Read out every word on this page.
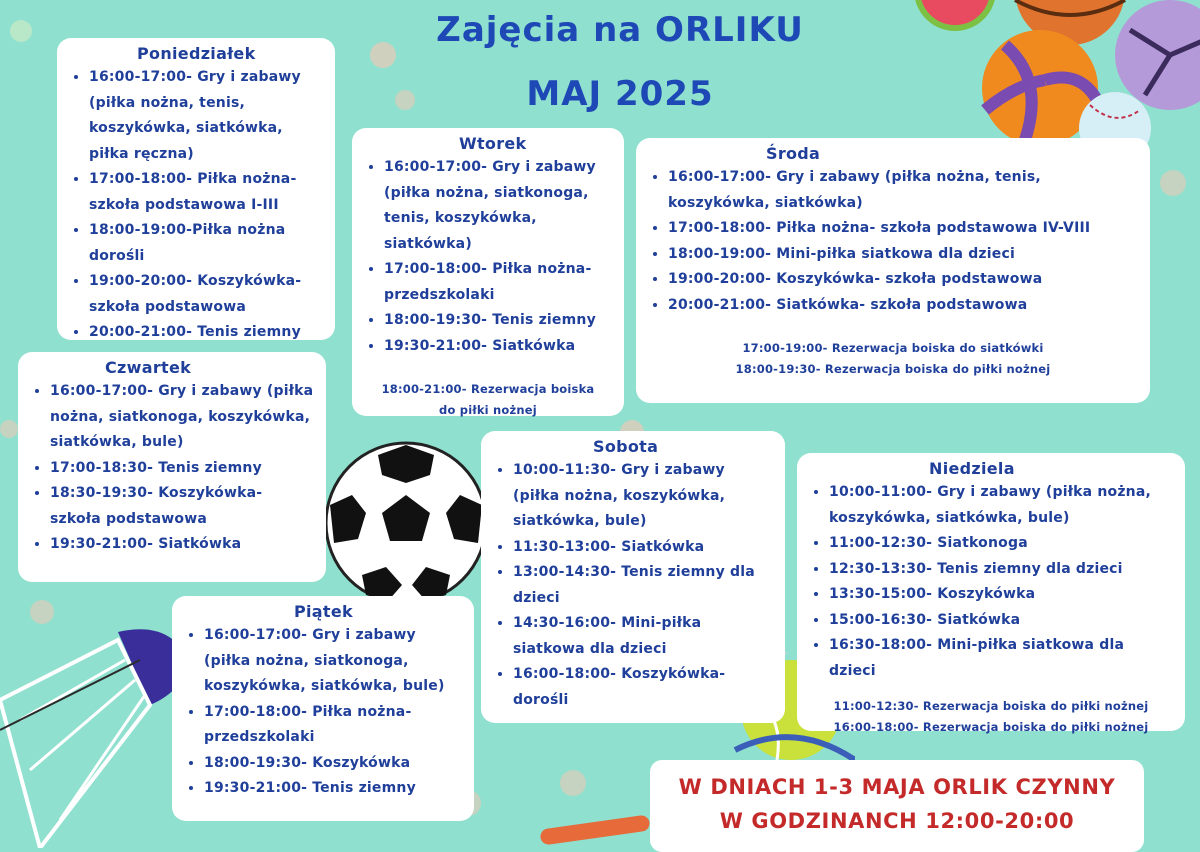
Zajęcia na ORLIKU
MAJ 2025
Poniedziałek
• 16:00-17:00- Gry i zabawy (piłka nożna, tenis, koszykówka, siatkówka, piłka ręczna)
• 17:00-18:00- Piłka nożna- szkoła podstawowa I-III
• 18:00-19:00-Piłka nożna dorośli
• 19:00-20:00- Koszykówka- szkoła podstawowa
• 20:00-21:00- Tenis ziemny
Wtorek
• 16:00-17:00- Gry i zabawy (piłka nożna, siatkonoga, tenis, koszykówka, siatkówka)
• 17:00-18:00- Piłka nożna- przedszkolaki
• 18:00-19:30- Tenis ziemny
• 19:30-21:00- Siatkówka
18:00-21:00- Rezerwacja boiska
do piłki nożnej
Środa
• 16:00-17:00- Gry i zabawy (piłka nożna, tenis, koszykówka, siatkówka)
• 17:00-18:00- Piłka nożna- szkoła podstawowa IV-VIII
• 18:00-19:00- Mini-piłka siatkowa dla dzieci
• 19:00-20:00- Koszykówka- szkoła podstawowa
• 20:00-21:00- Siatkówka- szkoła podstawowa
17:00-19:00- Rezerwacja boiska do siatkówki
18:00-19:30- Rezerwacja boiska do piłki nożnej
Czwartek
• 16:00-17:00- Gry i zabawy (piłka nożna, siatkonoga, koszykówka, siatkówka, bule)
• 17:00-18:30- Tenis ziemny
• 18:30-19:30- Koszykówka- szkoła podstawowa
• 19:30-21:00- Siatkówka
Sobota
• 10:00-11:30- Gry i zabawy (piłka nożna, koszykówka, siatkówka, bule)
• 11:30-13:00- Siatkówka
• 13:00-14:30- Tenis ziemny dla dzieci
• 14:30-16:00- Mini-piłka siatkowa dla dzieci
• 16:00-18:00- Koszykówka- dorośli
Niedziela
• 10:00-11:00- Gry i zabawy (piłka nożna, koszykówka, siatkówka, bule)
• 11:00-12:30- Siatkonoga
• 12:30-13:30- Tenis ziemny dla dzieci
• 13:30-15:00- Koszykówka
• 15:00-16:30- Siatkówka
• 16:30-18:00- Mini-piłka siatkowa dla dzieci
11:00-12:30- Rezerwacja boiska do piłki nożnej
16:00-18:00- Rezerwacja boiska do piłki nożnej
Piątek
• 16:00-17:00- Gry i zabawy (piłka nożna, siatkonoga, koszykówka, siatkówka, bule)
• 17:00-18:00- Piłka nożna- przedszkolaki
• 18:00-19:30- Koszykówka
• 19:30-21:00- Tenis ziemny	W DNIACH 1-3 MAJA ORLIK CZYNNY
W GODZINANCH 12:00-20:00
